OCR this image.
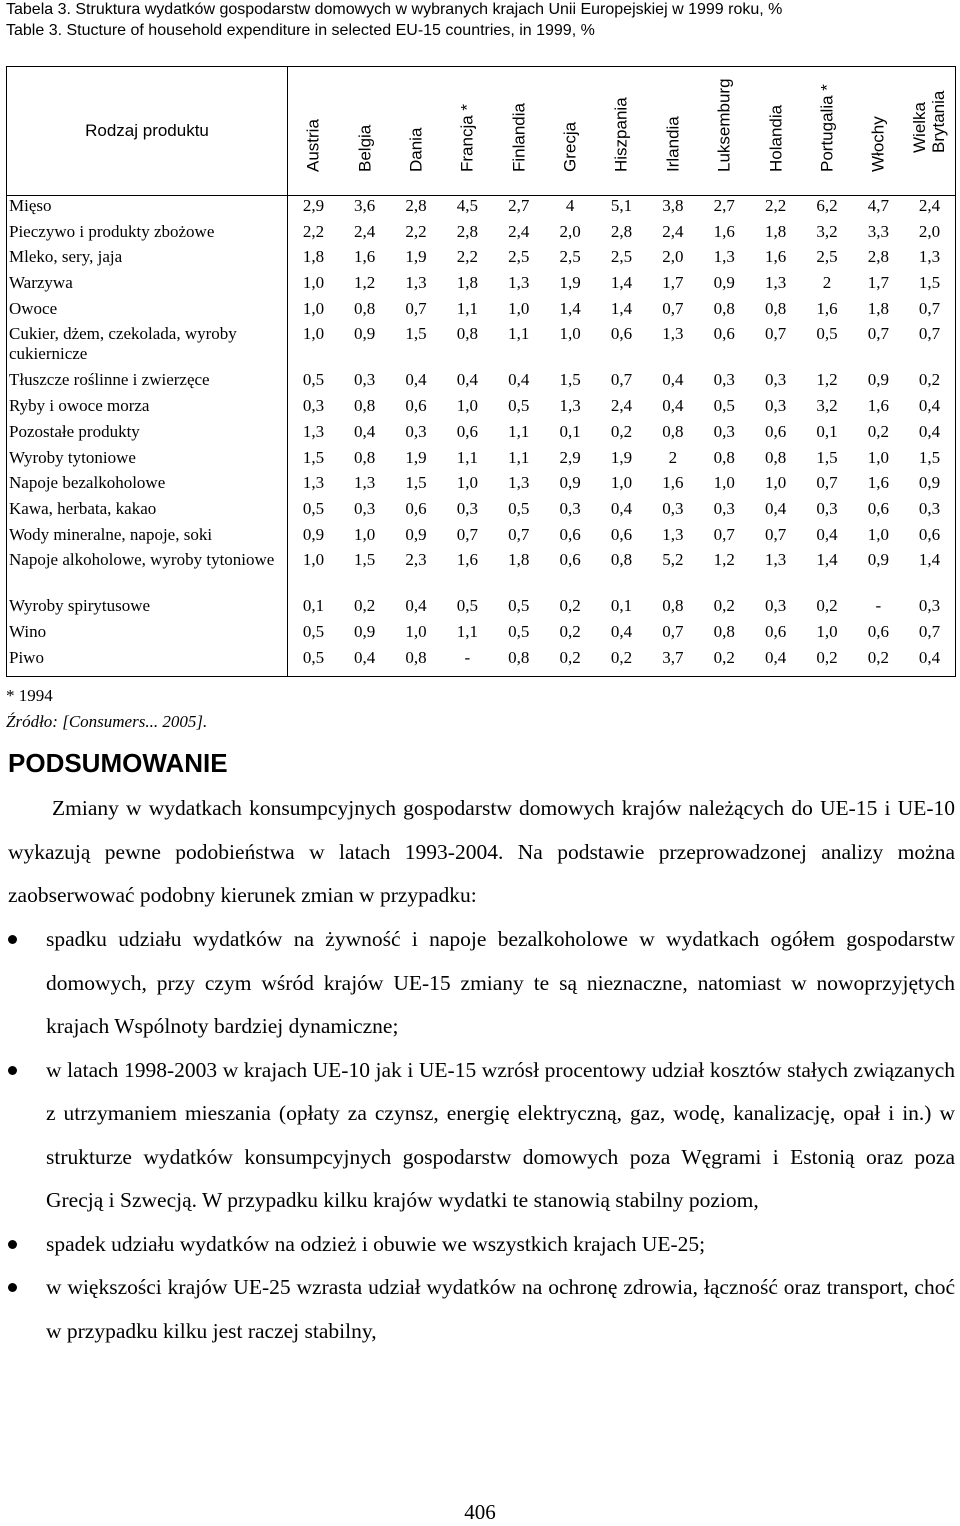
Tabela 3. Struktura wydatków gospodarstw domowych w wybranych krajach Unii Europejskiej w 1999 roku, %
Table 3. Stucture of household expenditure in selected EU-15 countries, in 1999, %
Rodzaj produktu	Austria	Belgia	Dania	Francja *	Finlandia	Grecja	Hiszpania	Irlandia	Luksemburg	Holandia	Portugalia *	Włochy	Wielka Brytania

Mięso	2,9	3,6	2,8	4,5	2,7	4	5,1	3,8	2,7	2,2	6,2	4,7	2,4
Pieczywo i produkty zbożowe	2,2	2,4	2,2	2,8	2,4	2,0	2,8	2,4	1,6	1,8	3,2	3,3	2,0
Mleko, sery, jaja	1,8	1,6	1,9	2,2	2,5	2,5	2,5	2,0	1,3	1,6	2,5	2,8	1,3
Warzywa	1,0	1,2	1,3	1,8	1,3	1,9	1,4	1,7	0,9	1,3	2	1,7	1,5
Owoce	1,0	0,8	0,7	1,1	1,0	1,4	1,4	0,7	0,8	0,8	1,6	1,8	0,7
Cukier, dżem, czekolada, wyroby cukiernicze	1,0	0,9	1,5	0,8	1,1	1,0	0,6	1,3	0,6	0,7	0,5	0,7	0,7
Tłuszcze roślinne i zwierzęce	0,5	0,3	0,4	0,4	0,4	1,5	0,7	0,4	0,3	0,3	1,2	0,9	0,2
Ryby i owoce morza	0,3	0,8	0,6	1,0	0,5	1,3	2,4	0,4	0,5	0,3	3,2	1,6	0,4
Pozostałe produkty	1,3	0,4	0,3	0,6	1,1	0,1	0,2	0,8	0,3	0,6	0,1	0,2	0,4
Wyroby tytoniowe	1,5	0,8	1,9	1,1	1,1	2,9	1,9	2	0,8	0,8	1,5	1,0	1,5
Napoje bezalkoholowe	1,3	1,3	1,5	1,0	1,3	0,9	1,0	1,6	1,0	1,0	0,7	1,6	0,9
Kawa, herbata, kakao	0,5	0,3	0,6	0,3	0,5	0,3	0,4	0,3	0,3	0,4	0,3	0,6	0,3
Wody mineralne, napoje, soki	0,9	1,0	0,9	0,7	0,7	0,6	0,6	1,3	0,7	0,7	0,4	1,0	0,6
Napoje alkoholowe, wyroby tytoniowe	1,0	1,5	2,3	1,6	1,8	0,6	0,8	5,2	1,2	1,3	1,4	0,9	1,4
Wyroby spirytusowe	0,1	0,2	0,4	0,5	0,5	0,2	0,1	0,8	0,2	0,3	0,2	-	0,3
Wino	0,5	0,9	1,0	1,1	0,5	0,2	0,4	0,7	0,8	0,6	1,0	0,6	0,7
Piwo	0,5	0,4	0,8	-	0,8	0,2	0,2	3,7	0,2	0,4	0,2	0,2	0,4
* 1994
Źródło: [Consumers... 2005].
PODSUMOWANIE
Zmiany w wydatkach konsumpcyjnych gospodarstw domowych krajów należących do UE-15 i UE-10 wykazują pewne podobieństwa w latach 1993-2004. Na podstawie przeprowadzonej analizy można zaobserwować podobny kierunek zmian w przypadku:
spadku udziału wydatków na żywność i napoje bezalkoholowe w wydatkach ogółem gospodarstw domowych, przy czym wśród krajów UE-15 zmiany te są nieznaczne, natomiast w nowoprzyjętych krajach Wspólnoty bardziej dynamiczne;
w latach 1998-2003 w krajach UE-10 jak i UE-15 wzrósł procentowy udział kosztów stałych związanych z utrzymaniem mieszania (opłaty za czynsz, energię elektryczną, gaz, wodę, kanalizację, opał i in.) w strukturze wydatków konsumpcyjnych gospodarstw domowych poza Węgrami i Estonią oraz poza Grecją i Szwecją. W przypadku kilku krajów wydatki te stanowią stabilny poziom,
spadek udziału wydatków na odzież i obuwie we wszystkich krajach UE-25;
w większości krajów UE-25 wzrasta udział wydatków na ochronę zdrowia, łączność oraz transport, choć w przypadku kilku jest raczej stabilny,
406
